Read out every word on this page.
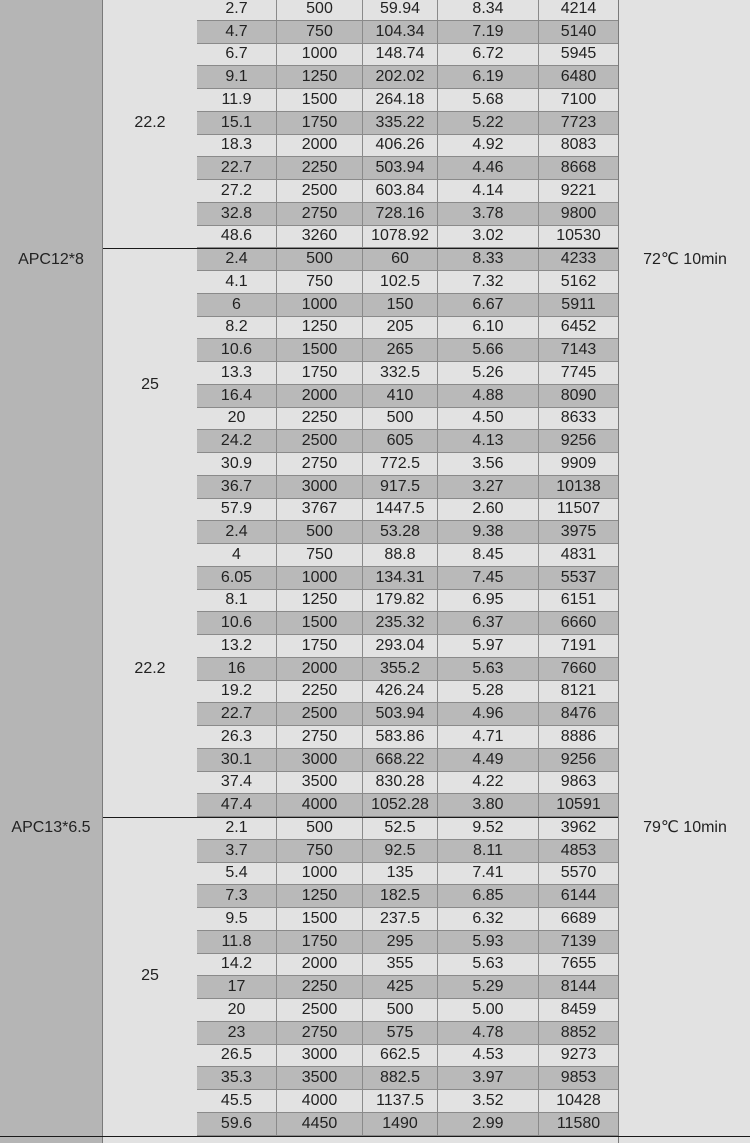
APC12*8	72℃ 10min
22.2
2.7	500	59.94	8.34	4214
4.7	750	104.34	7.19	5140
6.7	1000	148.74	6.72	5945
9.1	1250	202.02	6.19	6480
11.9	1500	264.18	5.68	7100
15.1	1750	335.22	5.22	7723
18.3	2000	406.26	4.92	8083
22.7	2250	503.94	4.46	8668
27.2	2500	603.84	4.14	9221
32.8	2750	728.16	3.78	9800
48.6	3260	1078.92	3.02	10530
25
2.4	500	60	8.33	4233
4.1	750	102.5	7.32	5162
6	1000	150	6.67	5911
8.2	1250	205	6.10	6452
10.6	1500	265	5.66	7143
13.3	1750	332.5	5.26	7745
16.4	2000	410	4.88	8090
20	2250	500	4.50	8633
24.2	2500	605	4.13	9256
30.9	2750	772.5	3.56	9909
36.7	3000	917.5	3.27	10138
57.9	3767	1447.5	2.60	11507
APC13*6.5	79℃ 10min
22.2
2.4	500	53.28	9.38	3975
4	750	88.8	8.45	4831
6.05	1000	134.31	7.45	5537
8.1	1250	179.82	6.95	6151
10.6	1500	235.32	6.37	6660
13.2	1750	293.04	5.97	7191
16	2000	355.2	5.63	7660
19.2	2250	426.24	5.28	8121
22.7	2500	503.94	4.96	8476
26.3	2750	583.86	4.71	8886
30.1	3000	668.22	4.49	9256
37.4	3500	830.28	4.22	9863
47.4	4000	1052.28	3.80	10591
25
2.1	500	52.5	9.52	3962
3.7	750	92.5	8.11	4853
5.4	1000	135	7.41	5570
7.3	1250	182.5	6.85	6144
9.5	1500	237.5	6.32	6689
11.8	1750	295	5.93	7139
14.2	2000	355	5.63	7655
17	2250	425	5.29	8144
20	2500	500	5.00	8459
23	2750	575	4.78	8852
26.5	3000	662.5	4.53	9273
35.3	3500	882.5	3.97	9853
45.5	4000	1137.5	3.52	10428
59.6	4450	1490	2.99	11580
